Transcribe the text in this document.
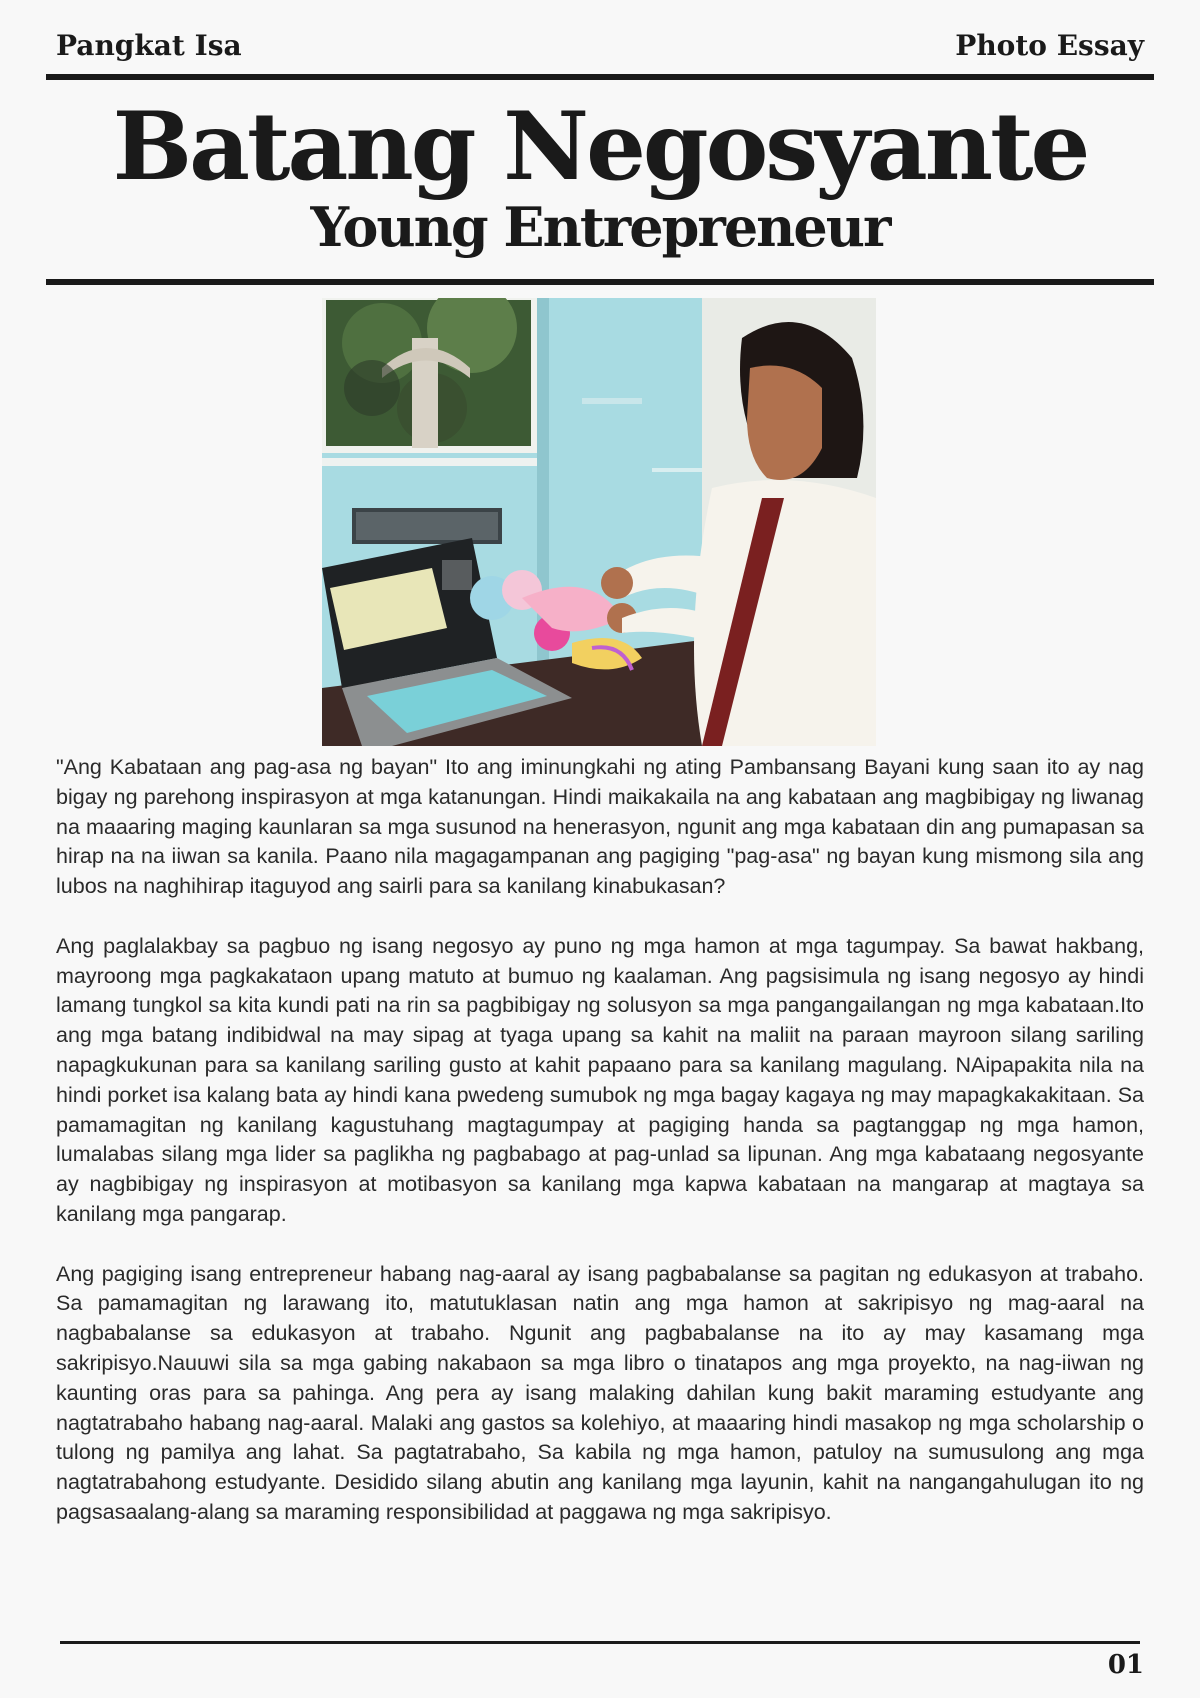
Pangkat Isa	Photo Essay
Batang Negosyante
Young Entrepreneur

"Ang Kabataan ang pag-asa ng bayan" Ito ang iminungkahi ng ating Pambansang Bayani kung saan ito ay nag bigay ng parehong inspirasyon at mga katanungan. Hindi maikakaila na ang kabataan ang magbibigay ng liwanag na maaaring maging kaunlaran sa mga susunod na henerasyon, ngunit ang mga kabataan din ang pumapasan sa hirap na na iiwan sa kanila. Paano nila magagampanan ang pagiging "pag-asa" ng bayan kung mismong sila ang lubos na naghihirap itaguyod ang sairli para sa kanilang kinabukasan?

Ang paglalakbay sa pagbuo ng isang negosyo ay puno ng mga hamon at mga tagumpay. Sa bawat hakbang, mayroong mga pagkakataon upang matuto at bumuo ng kaalaman. Ang pagsisimula ng isang negosyo ay hindi lamang tungkol sa kita kundi pati na rin sa pagbibigay ng solusyon sa mga pangangailangan ng mga kabataan.Ito ang mga batang indibidwal na may sipag at tyaga upang sa kahit na maliit na paraan mayroon silang sariling napagkukunan para sa kanilang sariling gusto at kahit papaano para sa kanilang magulang. NAipapakita nila na hindi porket isa kalang bata ay hindi kana pwedeng sumubok ng mga bagay kagaya ng may mapagkakakitaan. Sa pamamagitan ng kanilang kagustuhang magtagumpay at pagiging handa sa pagtanggap ng mga hamon, lumalabas silang mga lider sa paglikha ng pagbabago at pag-unlad sa lipunan. Ang mga kabataang negosyante ay nagbibigay ng inspirasyon at motibasyon sa kanilang mga kapwa kabataan na mangarap at magtaya sa kanilang mga pangarap.

Ang pagiging isang entrepreneur habang nag-aaral ay isang pagbabalanse sa pagitan ng edukasyon at trabaho. Sa pamamagitan ng larawang ito, matutuklasan natin ang mga hamon at sakripisyo ng mag-aaral na nagbabalanse sa edukasyon at trabaho. Ngunit ang pagbabalanse na ito ay may kasamang mga sakripisyo.Nauuwi sila sa mga gabing nakabaon sa mga libro o tinatapos ang mga proyekto, na nag-iiwan ng kaunting oras para sa pahinga. Ang pera ay isang malaking dahilan kung bakit maraming estudyante ang nagtatrabaho habang nag-aaral. Malaki ang gastos sa kolehiyo, at maaaring hindi masakop ng mga scholarship o tulong ng pamilya ang lahat. Sa pagtatrabaho, Sa kabila ng mga hamon, patuloy na sumusulong ang mga nagtatrabahong estudyante. Desidido silang abutin ang kanilang mga layunin, kahit na nangangahulugan ito ng pagsasaalang-alang sa maraming responsibilidad at paggawa ng mga sakripisyo.

01
